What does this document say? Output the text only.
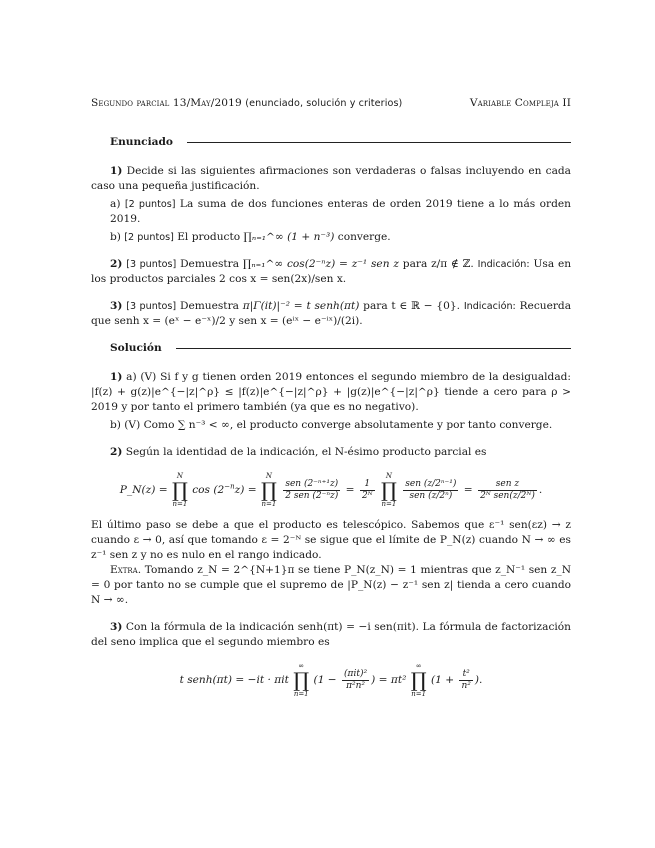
Segundo parcial 13/May/2019 (enunciado, solución y criterios)	Variable Compleja II
Enunciado

1) Decide si las siguientes afirmaciones son verdaderas o falsas incluyendo en cada caso una pequeña justificación.

a) [2 puntos] La suma de dos funciones enteras de orden 2019 tiene a lo más orden 2019.

b) [2 puntos] El producto ∏ₙ₌₁^∞ (1 + n⁻³) converge.

2) [3 puntos] Demuestra ∏ₙ₌₁^∞ cos(2⁻ⁿz) = z⁻¹ sen z para z/π ∉ ℤ. Indicación: Usa en los productos parciales 2 cos x = sen(2x)/sen x.

3) [3 puntos] Demuestra π|Γ(it)|⁻² = t senh(πt) para t ∈ ℝ − {0}. Indicación: Recuerda que senh x = (eˣ − e⁻ˣ)/2 y sen x = (eⁱˣ − e⁻ⁱˣ)/(2i).

Solución

1) a) (V) Si f y g tienen orden 2019 entonces el segundo miembro de la desigualdad: |f(z) + g(z)|e^{−|z|^ρ} ≤ |f(z)|e^{−|z|^ρ} + |g(z)|e^{−|z|^ρ} tiende a cero para ρ > 2019 y por tanto el primero también (ya que es no negativo).

b) (V) Como ∑ n⁻³ < ∞, el producto converge absolutamente y por tanto converge.

2) Según la identidad de la indicación, el N-ésimo producto parcial es

P_N(z) = N
∏
n=1 $\cos (2^{-n}z) = N$
∏
n=1
$\frac{\text{sen (2⁻ⁿ⁺¹z)}}{\text{2 sen (2⁻ⁿz)}} = \frac{1}{\text{2ᴺ}}$
N
∏
n=1
$\frac{\text{sen (z/2ⁿ⁻¹)}}{\text{sen (z/2ⁿ)}} = \frac{\text{sen z}}{\text{2ᴺ sen(z/2ᴺ)}}$ .

El último paso se debe a que el producto es telescópico. Sabemos que ε⁻¹ sen(εz) → z cuando ε → 0, así que tomando ε = 2⁻ᴺ se sigue que el límite de P_N(z) cuando N → ∞ es z⁻¹ sen z y no es nulo en el rango indicado.

Extra. Tomando z_N = 2^{N+1}π se tiene P_N(z_N) = 1 mientras que z_N⁻¹ sen z_N = 0 por tanto no se cumple que el supremo de |P_N(z) − z⁻¹ sen z| tienda a cero cuando N → ∞.

3) Con la fórmula de la indicación senh(πt) = −i sen(πit). La fórmula de factorización del seno implica que el segundo miembro es

t senh(πt) = −it · πit ∞
∏
n=1 ($1 - \frac{\text{(πit)²}}{\text{π²n²}}$ ) = πt² ∞
∏
n=1 ($1 + \frac{\text{t²}}{\text{n²}}$ ).
